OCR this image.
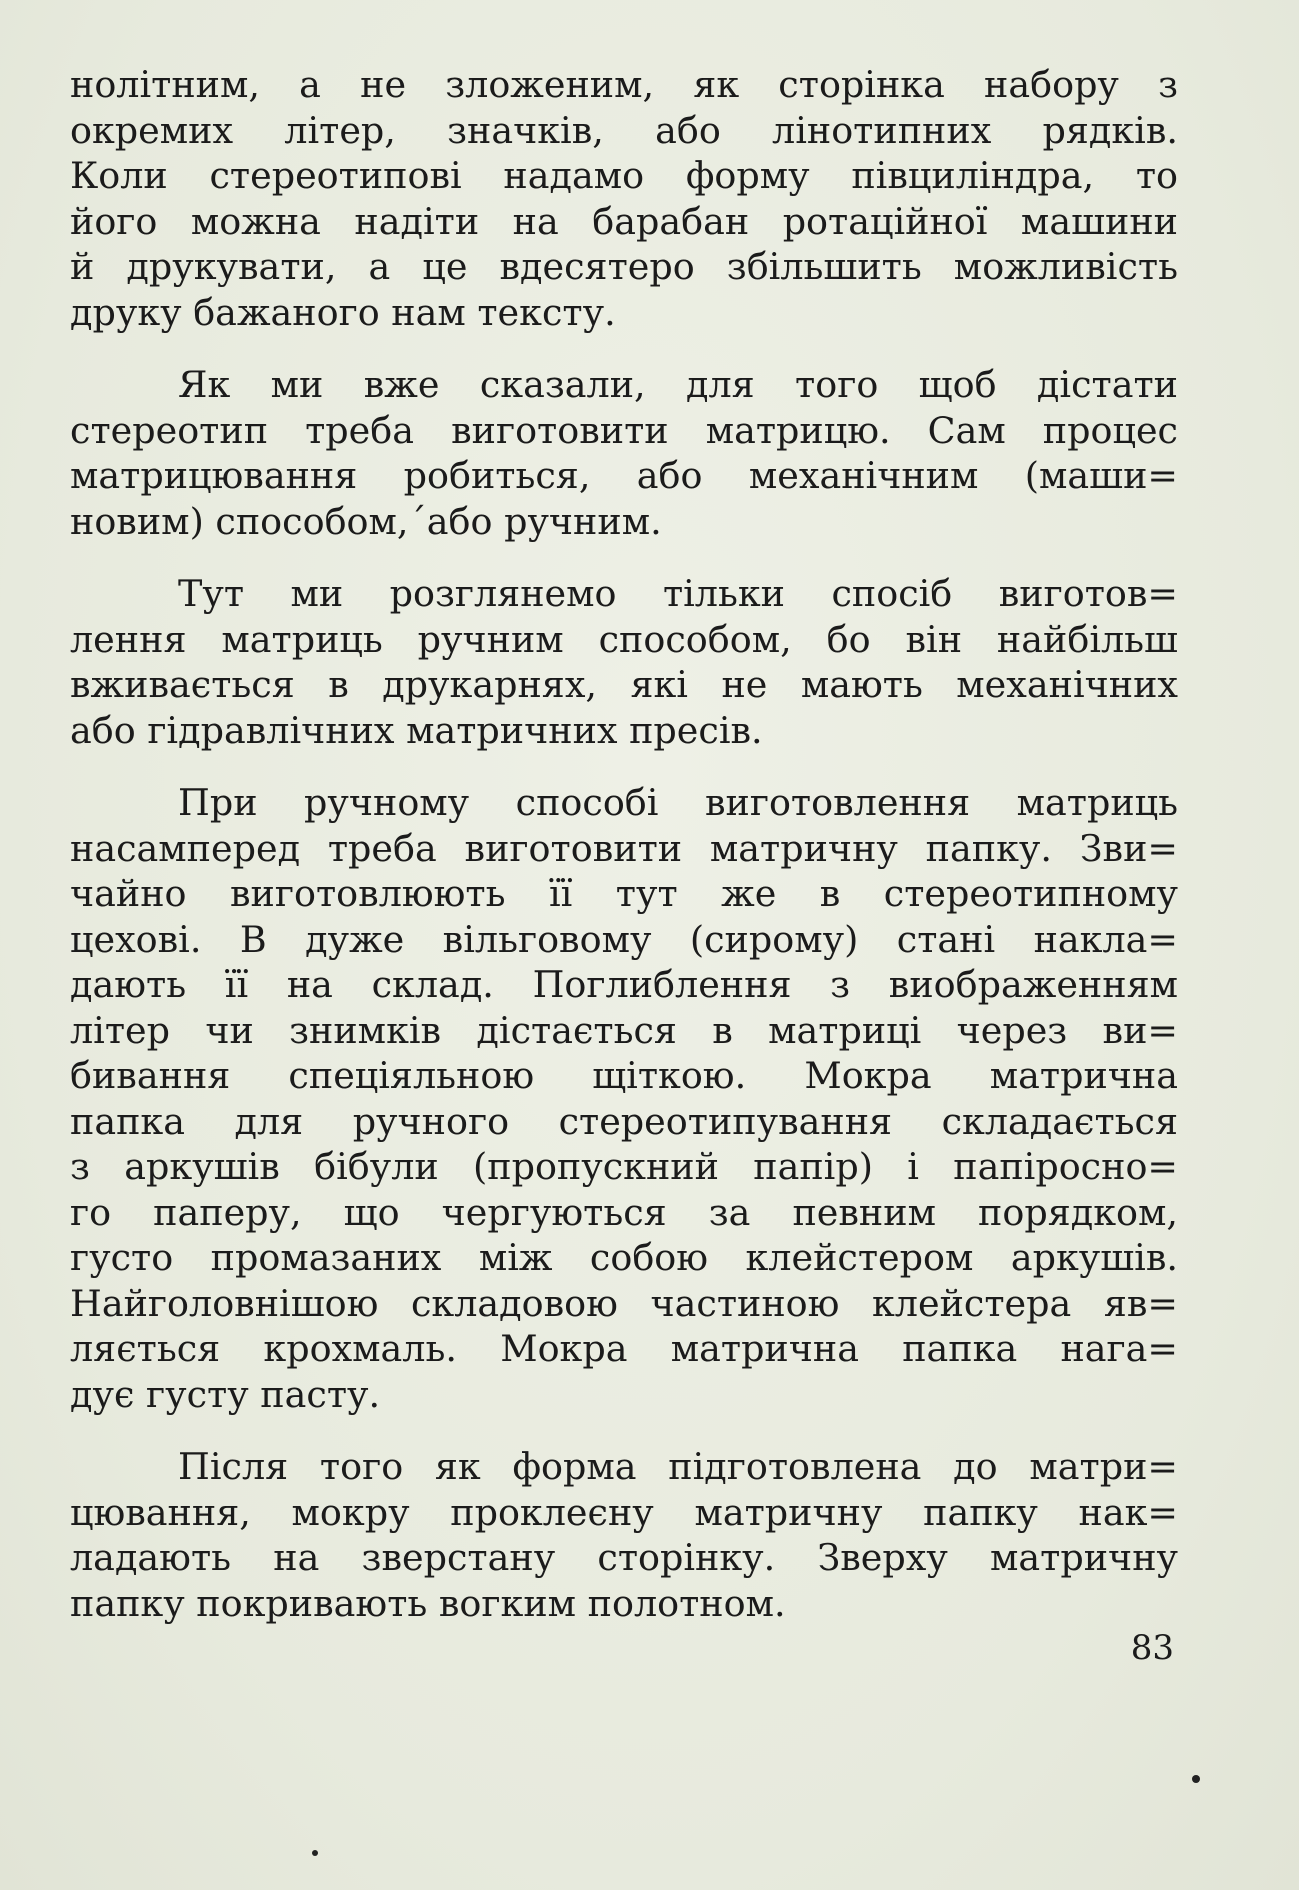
нолітним, а не зложеним, як сторінка набору з
окремих літер, значків, або лінотипних рядків.
Коли стереотипові надамо форму півциліндра, то
його можна надіти на барабан ротаційної машини
й друкувати, а це вдесятеро збільшить можливість
друку бажаного нам тексту.
Як ми вже сказали, для того щоб дістати
стереотип треба виготовити матрицю. Сам процес
матрицювання робиться, або механічним (маши=
новим) способом,´або ручним.
Тут ми розглянемо тільки спосіб виготов=
лення матриць ручним способом, бо він найбільш
вживається в друкарнях, які не мають механічних
або гідравлічних матричних пресів.
При ручному способі виготовлення матриць
насамперед треба виготовити матричну папку. Зви=
чайно виготовлюють її тут же в стереотипному
цехові. В дуже вільговому (сирому) стані накла=
дають її на склад. Поглиблення з виображенням
літер чи знимків дістається в матриці через ви=
бивання спеціяльною щіткою. Мокра матрична
папка для ручного стереотипування складається
з аркушів бібули (пропускний папір) і папіросно=
го паперу, що чергуються за певним порядком,
густо промазаних між собою клейстером аркушів.
Найголовнішою складовою частиною клейстера яв=
ляється крохмаль. Мокра матрична папка нага=
дує густу пасту.
Після того як форма підготовлена до матри=
цювання, мокру проклеєну матричну папку нак=
ладають на зверстану сторінку. Зверху матричну
папку покривають вогким полотном.
83
